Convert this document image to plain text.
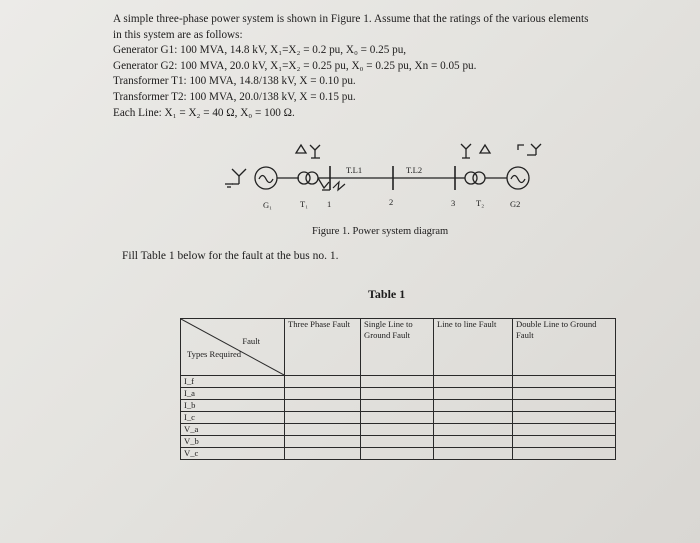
A simple three-phase power system is shown in Figure 1. Assume that the ratings of the various elements

in this system are as follows:

Generator G1: 100 MVA, 14.8 kV, X₁=X₂ = 0.2 pu, X₀ = 0.25 pu,

Generator G2: 100 MVA, 20.0 kV, X₁=X₂ = 0.25 pu, X₀ = 0.25 pu, Xn = 0.05 pu.

Transformer T1: 100 MVA, 14.8/138 kV, X = 0.10 pu.

Transformer T2: 100 MVA, 20.0/138 kV, X = 0.15 pu.

Each Line: X₁ = X₂ = 40 Ω, X₀ = 100 Ω.

T.L1	T.L2
G₁	T₁ 1	2	3 T₂	G2
Figure 1. Power system diagram
Fill Table 1 below for the fault at the bus no. 1.
Table 1
Fault
Types Required	Three Phase Fault	Single Line to Ground Fault	Line to line Fault	Double Line to Ground Fault
I_f				
I_a				
I_b				
I_c				
V_a				
V_b				
V_c				
